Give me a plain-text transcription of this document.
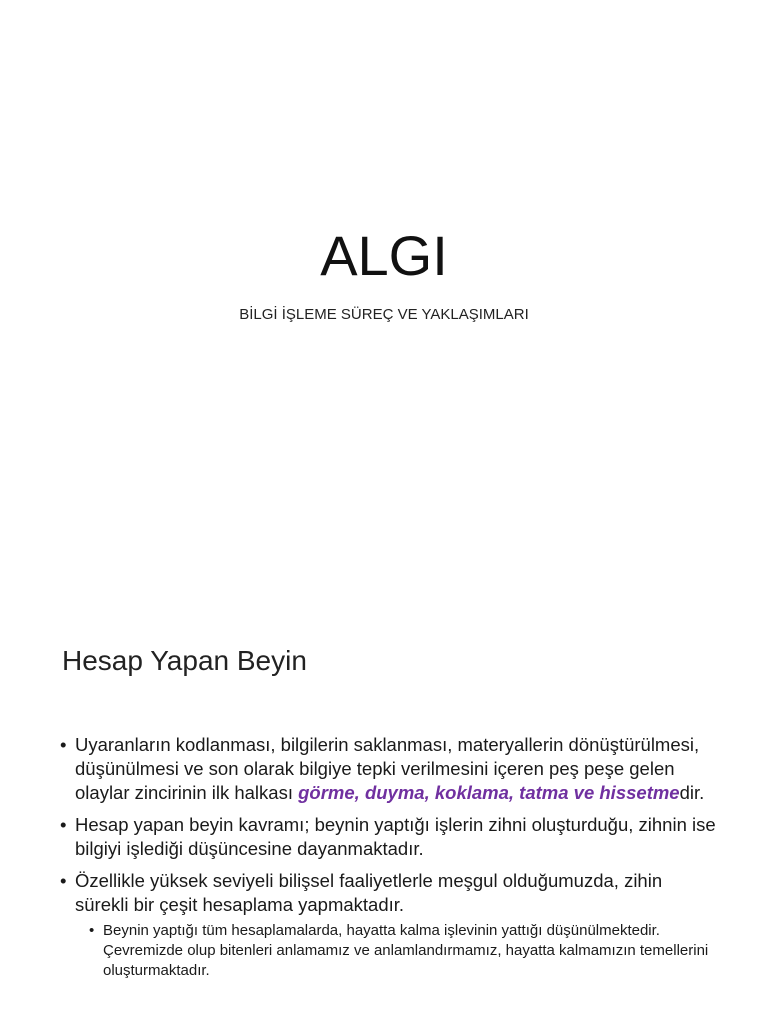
ALGI
BİLGİ İŞLEME SÜREÇ VE YAKLAŞIMLARI
Hesap Yapan Beyin
• Uyaranların kodlanması, bilgilerin saklanması, materyallerin dönüştürülmesi, düşünülmesi ve son olarak bilgiye tepki verilmesini içeren peş peşe gelen olaylar zincirinin ilk halkası görme, duyma, koklama, tatma ve hissetmedir.
• Hesap yapan beyin kavramı; beynin yaptığı işlerin zihni oluşturduğu, zihnin ise bilgiyi işlediği düşüncesine dayanmaktadır.
• Özellikle yüksek seviyeli bilişsel faaliyetlerle meşgul olduğumuzda, zihin sürekli bir çeşit hesaplama yapmaktadır.
• Beynin yaptığı tüm hesaplamalarda, hayatta kalma işlevinin yattığı düşünülmektedir. Çevremizde olup bitenleri anlamamız ve anlamlandırmamız, hayatta kalmamızın temellerini oluşturmaktadır.
